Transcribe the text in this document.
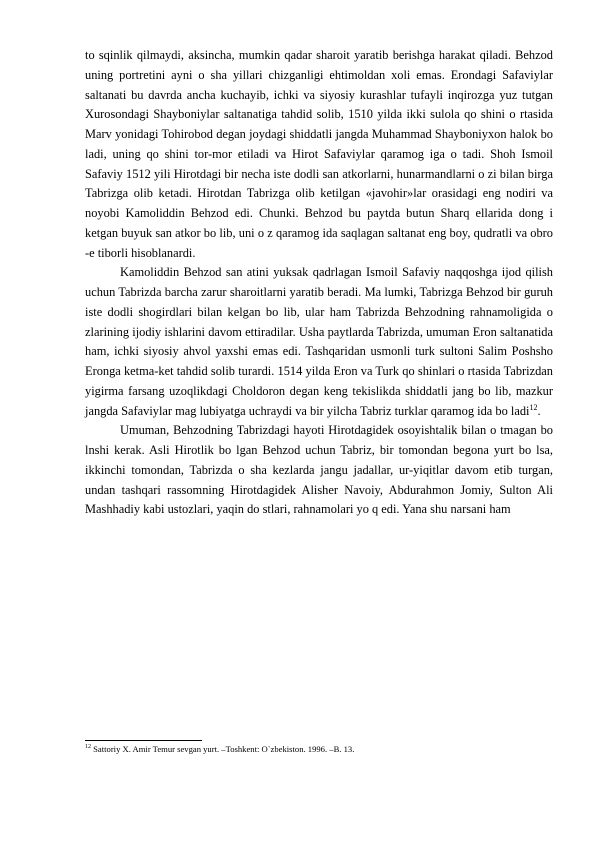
to sqinlik qilmaydi, aksincha, mumkin qadar sharoit yaratib berishga harakat qiladi. Behzod uning portretini ayni o sha yillari chizganligi ehtimoldan xoli emas. Erondagi Safaviylar saltanati bu davrda ancha kuchayib, ichki va siyosiy kurashlar tufayli inqirozga yuz tutgan Xurosondagi Shayboniylar saltanatiga tahdid solib, 1510 yilda ikki sulola qo shini o rtasida Marv yonidagi Tohirobod degan joydagi shiddatli jangda Muhammad Shayboniyxon halok bo ladi, uning qo shini tor-mor etiladi va Hirot Safaviylar qaramog iga o tadi. Shoh Ismoil Safaviy 1512 yili Hirotdagi bir necha iste dodli san atkorlarni, hunarmandlarni o zi bilan birga Tabrizga olib ketadi. Hirotdan Tabrizga olib ketilgan «javohir»lar orasidagi eng nodiri va noyobi Kamoliddin Behzod edi. Chunki. Behzod bu paytda butun Sharq ellarida dong i ketgan buyuk san atkor bo lib, uni o z qaramog ida saqlagan saltanat eng boy, qudratli va obro -e tiborli hisoblanardi.

Kamoliddin Behzod san atini yuksak qadrlagan Ismoil Safaviy naqqoshga ijod qilish uchun Tabrizda barcha zarur sharoitlarni yaratib beradi. Ma lumki, Tabrizga Behzod bir guruh iste dodli shogirdlari bilan kelgan bo lib, ular ham Tabrizda Behzodning rahnamoligida o zlarining ijodiy ishlarini davom ettiradilar. Usha paytlarda Tabrizda, umuman Eron saltanatida ham, ichki siyosiy ahvol yaxshi emas edi. Tashqaridan usmonli turk sultoni Salim Poshsho Eronga ketma-ket tahdid solib turardi. 1514 yilda Eron va Turk qo shinlari o rtasida Tabrizdan yigirma farsang uzoqlikdagi Choldoron degan keng tekislikda shiddatli jang bo lib, mazkur jangda Safaviylar mag lubiyatga uchraydi va bir yilcha Tabriz turklar qaramog ida bo ladi$^{12}$.

Umuman, Behzodning Tabrizdagi hayoti Hirotdagidek osoyishtalik bilan o tmagan bo lnshi kerak. Asli Hirotlik bo lgan Behzod uchun Tabriz, bir tomondan begona yurt bo lsa, ikkinchi tomondan, Tabrizda o sha kezlarda jangu jadallar, ur-yiqitlar davom etib turgan, undan tashqari rassomning Hirotdagidek Alisher Navoiy, Abdurahmon Jomiy, Sulton Ali Mashhadiy kabi ustozlari, yaqin do stlari, rahnamolari yo q edi. Yana shu narsani ham

$^{12}$ Sattoriy X. Amir Temur sevgan yurt. –Toshkent: O`zbekiston. 1996. –B. 13.
